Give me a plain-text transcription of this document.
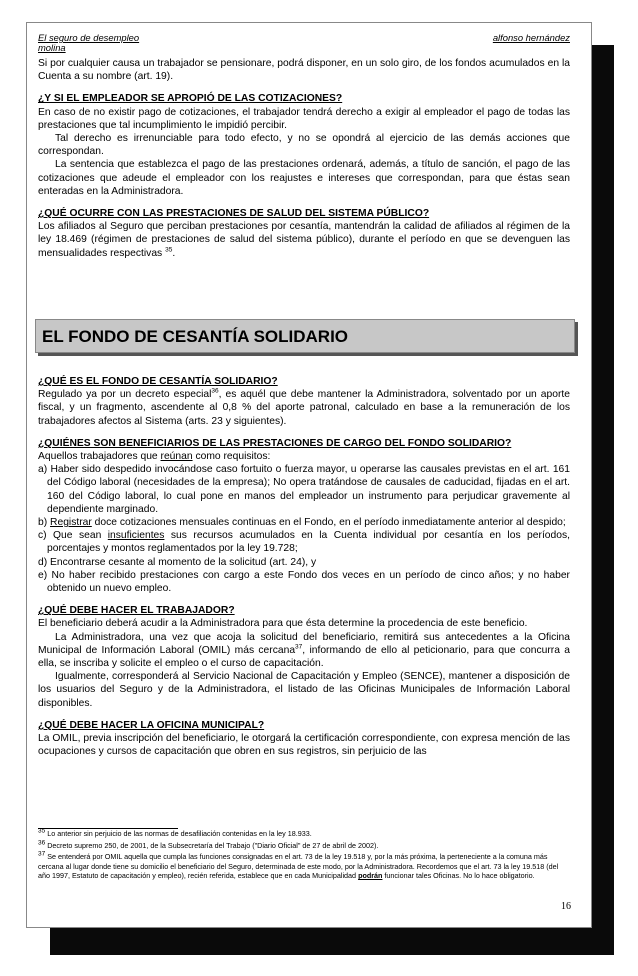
El seguro de desempleo	alfonso hernández
molina

Si por cualquier causa un trabajador se pensionare, podrá disponer, en un solo giro, de los fondos acumulados en la Cuenta a su nombre (art. 19).

¿Y SI EL EMPLEADOR SE APROPIÓ DE LAS COTIZACIONES?

En caso de no existir pago de cotizaciones, el trabajador tendrá derecho a exigir al empleador el pago de todas las prestaciones que tal incumplimiento le impidió percibir.

Tal derecho es irrenunciable para todo efecto, y no se opondrá al ejercicio de las demás acciones que correspondan.

La sentencia que establezca el pago de las prestaciones ordenará, además, a título de sanción, el pago de las cotizaciones que adeude el empleador con los reajustes e intereses que correspondan, para que éstas sean enteradas en la Administradora.

¿QUÉ OCURRE CON LAS PRESTACIONES DE SALUD DEL SISTEMA PÚBLICO?

Los afiliados al Seguro que perciban prestaciones por cesantía, mantendrán la calidad de afiliados al régimen de la ley 18.469 (régimen de prestaciones de salud del sistema público), durante el período en que se devenguen las mensualidades respectivas $^{35}$.

EL FONDO DE CESANTÍA SOLIDARIO

¿QUÉ ES EL FONDO DE CESANTÍA SOLIDARIO?

Regulado ya por un decreto especial$^{36}$, es aquél que debe mantener la Administradora, solventado por un aporte fiscal, y un fragmento, ascendente al 0,8 % del aporte patronal, calculado en base a la remuneración de los trabajadores afectos al Sistema (arts. 23 y siguientes).

¿QUIÉNES SON BENEFICIARIOS DE LAS PRESTACIONES DE CARGO DEL FONDO SOLIDARIO?

Aquellos trabajadores que reúnan como requisitos:

a) Haber sido despedido invocándose caso fortuito o fuerza mayor, u operarse las causales previstas en el art. 161 del Código laboral (necesidades de la empresa); No opera tratándose de causales de caducidad, fijadas en el art. 160 del Código laboral, lo cual pone en manos del empleador un instrumento para perjudicar gravemente al dependiente marginado.

b) Registrar doce cotizaciones mensuales continuas en el Fondo, en el período inmediatamente anterior al despido;

c) Que sean insuficientes sus recursos acumulados en la Cuenta individual por cesantía en los períodos, porcentajes y montos reglamentados por la ley 19.728;

d) Encontrarse cesante al momento de la solicitud (art. 24), y

e) No haber recibido prestaciones con cargo a este Fondo dos veces en un período de cinco años; y no haber obtenido un nuevo empleo.

¿QUÉ DEBE HACER EL TRABAJADOR?

El beneficiario deberá acudir a la Administradora para que ésta determine la procedencia de este beneficio.

La Administradora, una vez que acoja la solicitud del beneficiario, remitirá sus antecedentes a la Oficina Municipal de Información Laboral (OMIL) más cercana$^{37}$, informando de ello al peticionario, para que concurra a ella, se inscriba y solicite el empleo o el curso de capacitación.

Igualmente, corresponderá al Servicio Nacional de Capacitación y Empleo (SENCE), mantener a disposición de los usuarios del Seguro y de la Administradora, el listado de las Oficinas Municipales de Información Laboral disponibles.

¿QUÉ DEBE HACER LA OFICINA MUNICIPAL?

La OMIL, previa inscripción del beneficiario, le otorgará la certificación correspondiente, con expresa mención de las ocupaciones y cursos de capacitación que obren en sus registros, sin perjuicio de las

$^{35}$ Lo anterior sin perjuicio de las normas de desafiliación contenidas en la ley 18.933.

$^{36}$ Decreto supremo 250, de 2001, de la Subsecretaría del Trabajo ("Diario Oficial" de 27 de abril de 2002).

$^{37}$ Se entenderá por OMIL aquella que cumpla las funciones consignadas en el art. 73 de la ley 19.518 y, por la más próxima, la perteneciente a la comuna más cercana al lugar donde tiene su domicilio el beneficiario del Seguro, determinada de este modo, por la Administradora. Recordemos que el art. 73 la ley 19.518 (del año 1997, Estatuto de capacitación y empleo), recién referida, establece que en cada Municipalidad podrán funcionar tales Oficinas. No lo hace obligatorio.

16
